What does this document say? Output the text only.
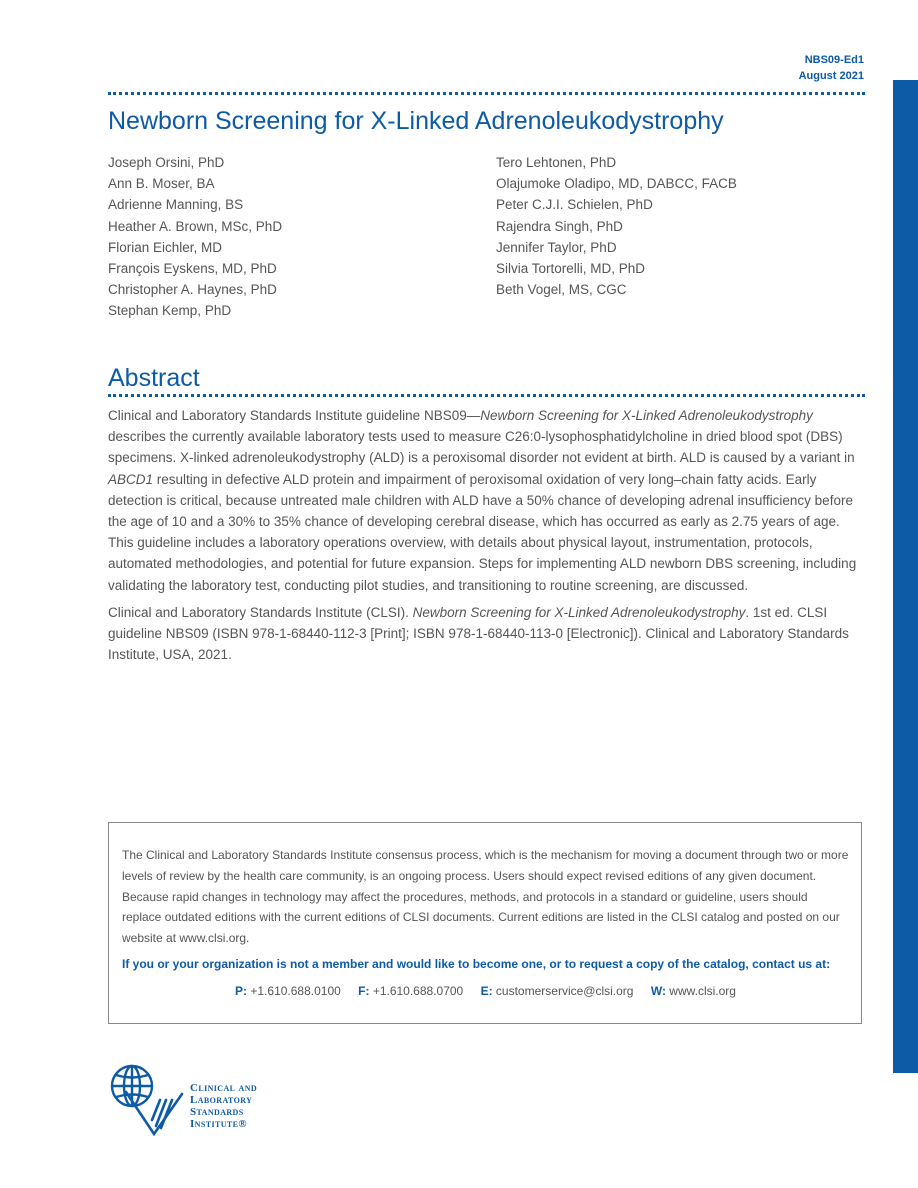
NBS09-Ed1
August 2021
Newborn Screening for X-Linked Adrenoleukodystrophy
Joseph Orsini, PhD
Ann B. Moser, BA
Adrienne Manning, BS
Heather A. Brown, MSc, PhD
Florian Eichler, MD
François Eyskens, MD, PhD
Christopher A. Haynes, PhD
Stephan Kemp, PhD
Tero Lehtonen, PhD
Olajumoke Oladipo, MD, DABCC, FACB
Peter C.J.I. Schielen, PhD
Rajendra Singh, PhD
Jennifer Taylor, PhD
Silvia Tortorelli, MD, PhD
Beth Vogel, MS, CGC
Abstract

Clinical and Laboratory Standards Institute guideline NBS09—Newborn Screening for X-Linked Adrenoleukodystrophy describes the currently available laboratory tests used to measure C26:0-lysophosphatidylcholine in dried blood spot (DBS) specimens. X-linked adrenoleukodystrophy (ALD) is a peroxisomal disorder not evident at birth. ALD is caused by a variant in ABCD1 resulting in defective ALD protein and impairment of peroxisomal oxidation of very long–chain fatty acids. Early detection is critical, because untreated male children with ALD have a 50% chance of developing adrenal insufficiency before the age of 10 and a 30% to 35% chance of developing cerebral disease, which has occurred as early as 2.75 years of age. This guideline includes a laboratory operations overview, with details about physical layout, instrumentation, protocols, automated methodologies, and potential for future expansion. Steps for implementing ALD newborn DBS screening, including validating the laboratory test, conducting pilot studies, and transitioning to routine screening, are discussed.

Clinical and Laboratory Standards Institute (CLSI). Newborn Screening for X-Linked Adrenoleukodystrophy. 1st ed. CLSI guideline NBS09 (ISBN 978-1-68440-112-3 [Print]; ISBN 978-1-68440-113-0 [Electronic]). Clinical and Laboratory Standards Institute, USA, 2021.

The Clinical and Laboratory Standards Institute consensus process, which is the mechanism for moving a document through two or more levels of review by the health care community, is an ongoing process. Users should expect revised editions of any given document. Because rapid changes in technology may affect the procedures, methods, and protocols in a standard or guideline, users should replace outdated editions with the current editions of CLSI documents. Current editions are listed in the CLSI catalog and posted on our website at www.clsi.org.

If you or your organization is not a member and would like to become one, or to request a copy of the catalog, contact us at:

P: +1.610.688.0100 F: +1.610.688.0700 E: customerservice@clsi.org W: www.clsi.org

Clinical and
Laboratory
Standards
Institute®
